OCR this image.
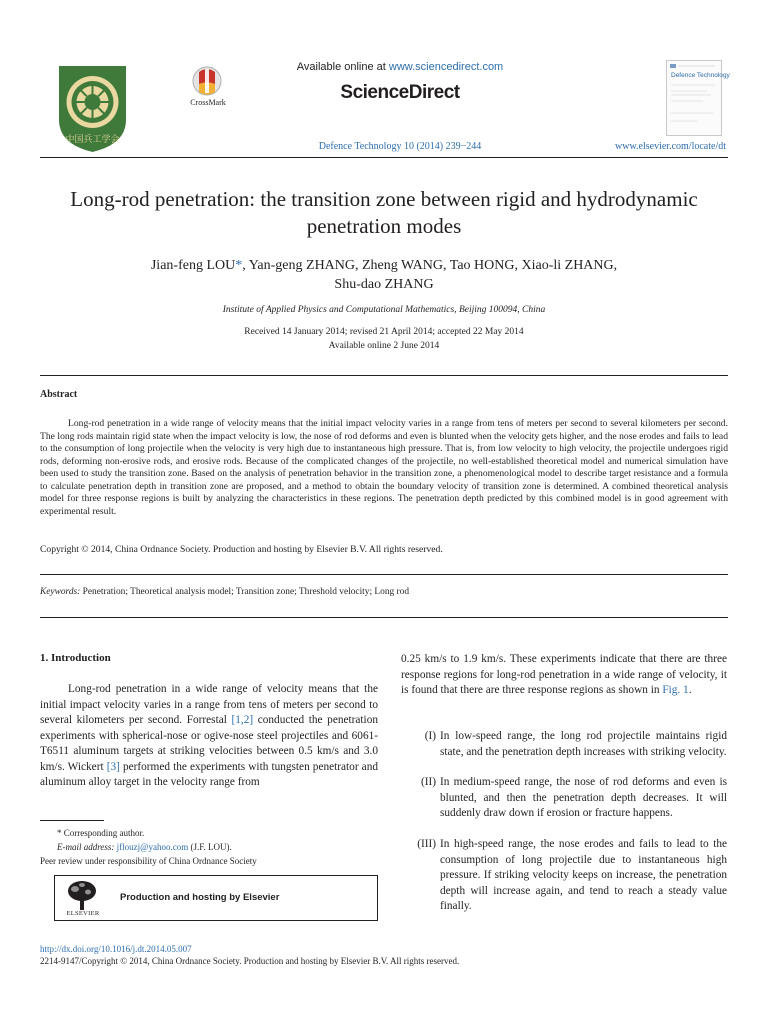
中国兵工学会
CrossMark
Available online at www.sciencedirect.com
ScienceDirect
Defence Technology 10 (2014) 239−244
Defence Technology
www.elsevier.com/locate/dt
Long-rod penetration: the transition zone between rigid and hydrodynamic penetration modes
Jian-feng LOU*, Yan-geng ZHANG, Zheng WANG, Tao HONG, Xiao-li ZHANG,
Shu-dao ZHANG
Institute of Applied Physics and Computational Mathematics, Beijing 100094, China
Received 14 January 2014; revised 21 April 2014; accepted 22 May 2014
Available online 2 June 2014
Abstract
Long-rod penetration in a wide range of velocity means that the initial impact velocity varies in a range from tens of meters per second to several kilometers per second. The long rods maintain rigid state when the impact velocity is low, the nose of rod deforms and even is blunted when the velocity gets higher, and the nose erodes and fails to lead to the consumption of long projectile when the velocity is very high due to instantaneous high pressure. That is, from low velocity to high velocity, the projectile undergoes rigid rods, deforming non-erosive rods, and erosive rods. Because of the complicated changes of the projectile, no well-established theoretical model and numerical simulation have been used to study the transition zone. Based on the analysis of penetration behavior in the transition zone, a phenomenological model to describe target resistance and a formula to calculate penetration depth in transition zone are proposed, and a method to obtain the boundary velocity of transition zone is determined. A combined theoretical analysis model for three response regions is built by analyzing the characteristics in these regions. The penetration depth predicted by this combined model is in good agreement with experimental result.
Copyright © 2014, China Ordnance Society. Production and hosting by Elsevier B.V. All rights reserved.
Keywords: Penetration; Theoretical analysis model; Transition zone; Threshold velocity; Long rod
1. Introduction
Long-rod penetration in a wide range of velocity means that the initial impact velocity varies in a range from tens of meters per second to several kilometers per second. Forrestal [1,2] conducted the penetration experiments with spherical-nose or ogive-nose steel projectiles and 6061-T6511 aluminum targets at striking velocities between 0.5 km/s and 3.0 km/s. Wickert [3] performed the experiments with tungsten penetrator and aluminum alloy target in the velocity range from
* Corresponding author.
E-mail address: jflouzj@yahoo.com (J.F. LOU).
Peer review under responsibility of China Ordnance Society
ELSEVIER
Production and hosting by Elsevier
0.25 km/s to 1.9 km/s. These experiments indicate that there are three response regions for long-rod penetration in a wide range of velocity, it is found that there are three response regions as shown in Fig. 1.
(I) In low-speed range, the long rod projectile maintains rigid state, and the penetration depth increases with striking velocity.
(II) In medium-speed range, the nose of rod deforms and even is blunted, and then the penetration depth decreases. It will suddenly draw down if erosion or fracture happens.
(III) In high-speed range, the nose erodes and fails to lead to the consumption of long projectile due to instantaneous high pressure. If striking velocity keeps on increase, the penetration depth will increase again, and tend to reach a steady value finally.
http://dx.doi.org/10.1016/j.dt.2014.05.007
2214-9147/Copyright © 2014, China Ordnance Society. Production and hosting by Elsevier B.V. All rights reserved.
